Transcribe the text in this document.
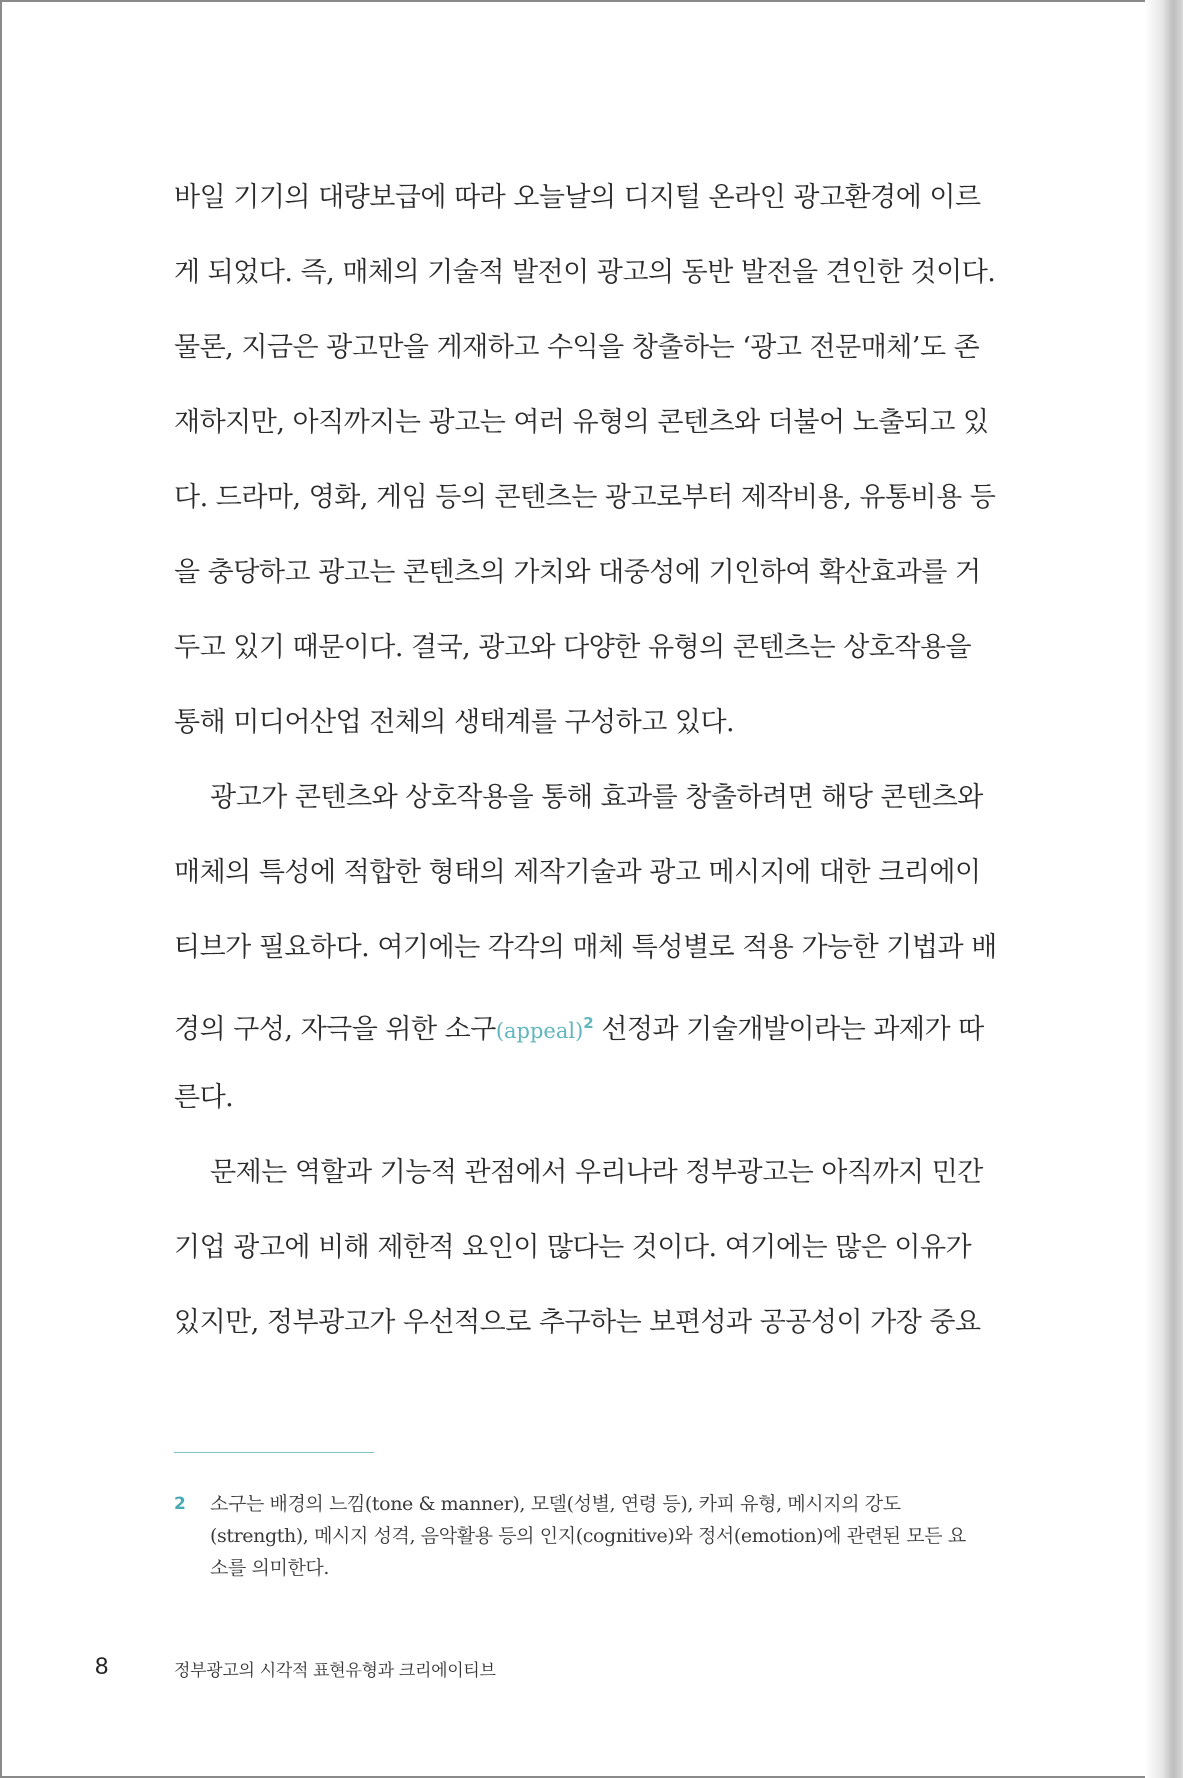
바일 기기의 대량보급에 따라 오늘날의 디지털 온라인 광고환경에 이르
게 되었다. 즉, 매체의 기술적 발전이 광고의 동반 발전을 견인한 것이다.
물론, 지금은 광고만을 게재하고 수익을 창출하는 ‘광고 전문매체’도 존
재하지만, 아직까지는 광고는 여러 유형의 콘텐츠와 더불어 노출되고 있
다. 드라마, 영화, 게임 등의 콘텐츠는 광고로부터 제작비용, 유통비용 등
을 충당하고 광고는 콘텐츠의 가치와 대중성에 기인하여 확산효과를 거
두고 있기 때문이다. 결국, 광고와 다양한 유형의 콘텐츠는 상호작용을
통해 미디어산업 전체의 생태계를 구성하고 있다.
광고가 콘텐츠와 상호작용을 통해 효과를 창출하려면 해당 콘텐츠와
매체의 특성에 적합한 형태의 제작기술과 광고 메시지에 대한 크리에이
티브가 필요하다. 여기에는 각각의 매체 특성별로 적용 가능한 기법과 배
경의 구성, 자극을 위한 소구(appeal)$^2$ 선정과 기술개발이라는 과제가 따
른다.
문제는 역할과 기능적 관점에서 우리나라 정부광고는 아직까지 민간
기업 광고에 비해 제한적 요인이 많다는 것이다. 여기에는 많은 이유가
있지만, 정부광고가 우선적으로 추구하는 보편성과 공공성이 가장 중요
2 소구는 배경의 느낌(tone & manner), 모델(성별, 연령 등), 카피 유형, 메시지의 강도
(strength), 메시지 성격, 음악활용 등의 인지(cognitive)와 정서(emotion)에 관련된 모든 요
소를 의미한다.
8	정부광고의 시각적 표현유형과 크리에이티브
